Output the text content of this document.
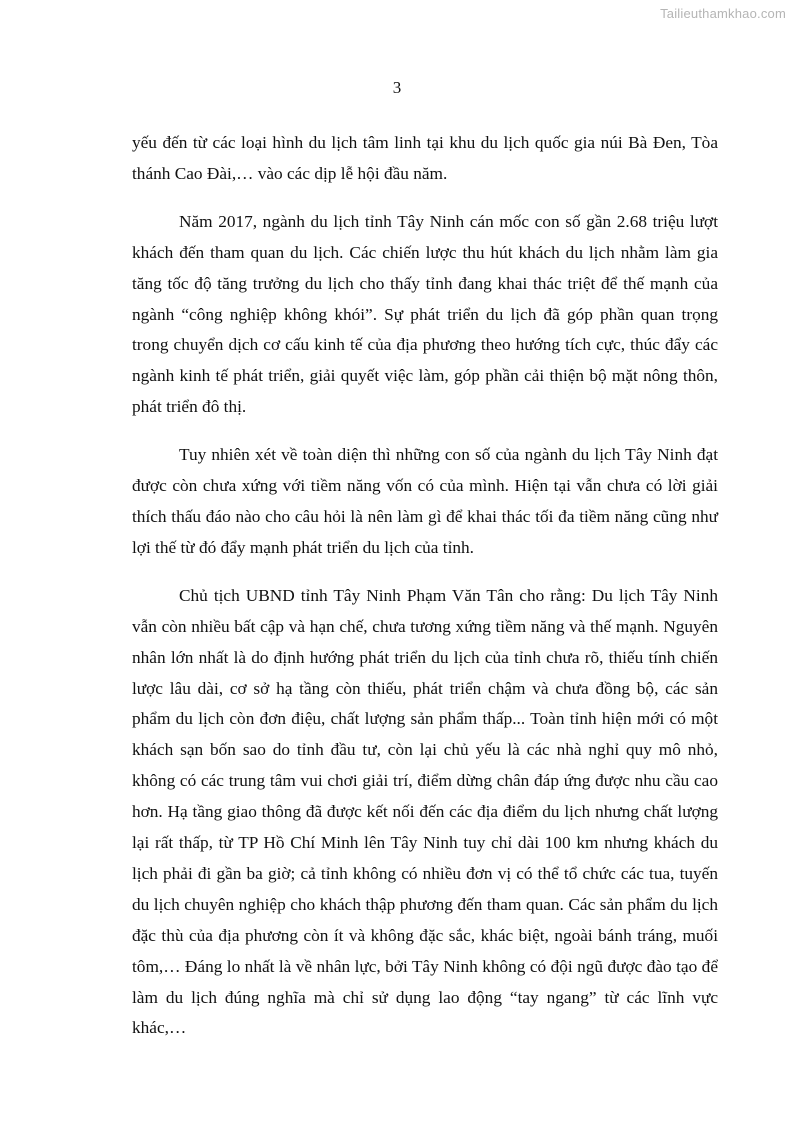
Tailieuthamkhao.com
3

yếu đến từ các loại hình du lịch tâm linh tại khu du lịch quốc gia núi Bà Đen, Tòa thánh Cao Đài,… vào các dịp lễ hội đầu năm.

Năm 2017, ngành du lịch tỉnh Tây Ninh cán mốc con số gần 2.68 triệu lượt khách đến tham quan du lịch. Các chiến lược thu hút khách du lịch nhằm làm gia tăng tốc độ tăng trưởng du lịch cho thấy tỉnh đang khai thác triệt để thế mạnh của ngành “công nghiệp không khói”. Sự phát triển du lịch đã góp phần quan trọng trong chuyển dịch cơ cấu kinh tế của địa phương theo hướng tích cực, thúc đẩy các ngành kinh tế phát triển, giải quyết việc làm, góp phần cải thiện bộ mặt nông thôn, phát triển đô thị.

Tuy nhiên xét về toàn diện thì những con số của ngành du lịch Tây Ninh đạt được còn chưa xứng với tiềm năng vốn có của mình. Hiện tại vẫn chưa có lời giải thích thấu đáo nào cho câu hỏi là nên làm gì để khai thác tối đa tiềm năng cũng như lợi thế từ đó đẩy mạnh phát triển du lịch của tỉnh.

Chủ tịch UBND tỉnh Tây Ninh Phạm Văn Tân cho rằng: Du lịch Tây Ninh vẫn còn nhiều bất cập và hạn chế, chưa tương xứng tiềm năng và thế mạnh. Nguyên nhân lớn nhất là do định hướng phát triển du lịch của tỉnh chưa rõ, thiếu tính chiến lược lâu dài, cơ sở hạ tầng còn thiếu, phát triển chậm và chưa đồng bộ, các sản phẩm du lịch còn đơn điệu, chất lượng sản phẩm thấp... Toàn tỉnh hiện mới có một khách sạn bốn sao do tỉnh đầu tư, còn lại chủ yếu là các nhà nghỉ quy mô nhỏ, không có các trung tâm vui chơi giải trí, điểm dừng chân đáp ứng được nhu cầu cao hơn. Hạ tầng giao thông đã được kết nối đến các địa điểm du lịch nhưng chất lượng lại rất thấp, từ TP Hồ Chí Minh lên Tây Ninh tuy chỉ dài 100 km nhưng khách du lịch phải đi gần ba giờ; cả tỉnh không có nhiều đơn vị có thể tổ chức các tua, tuyến du lịch chuyên nghiệp cho khách thập phương đến tham quan. Các sản phẩm du lịch đặc thù của địa phương còn ít và không đặc sắc, khác biệt, ngoài bánh tráng, muối tôm,… Đáng lo nhất là về nhân lực, bởi Tây Ninh không có đội ngũ được đào tạo để làm du lịch đúng nghĩa mà chỉ sử dụng lao động “tay ngang” từ các lĩnh vực khác,…
